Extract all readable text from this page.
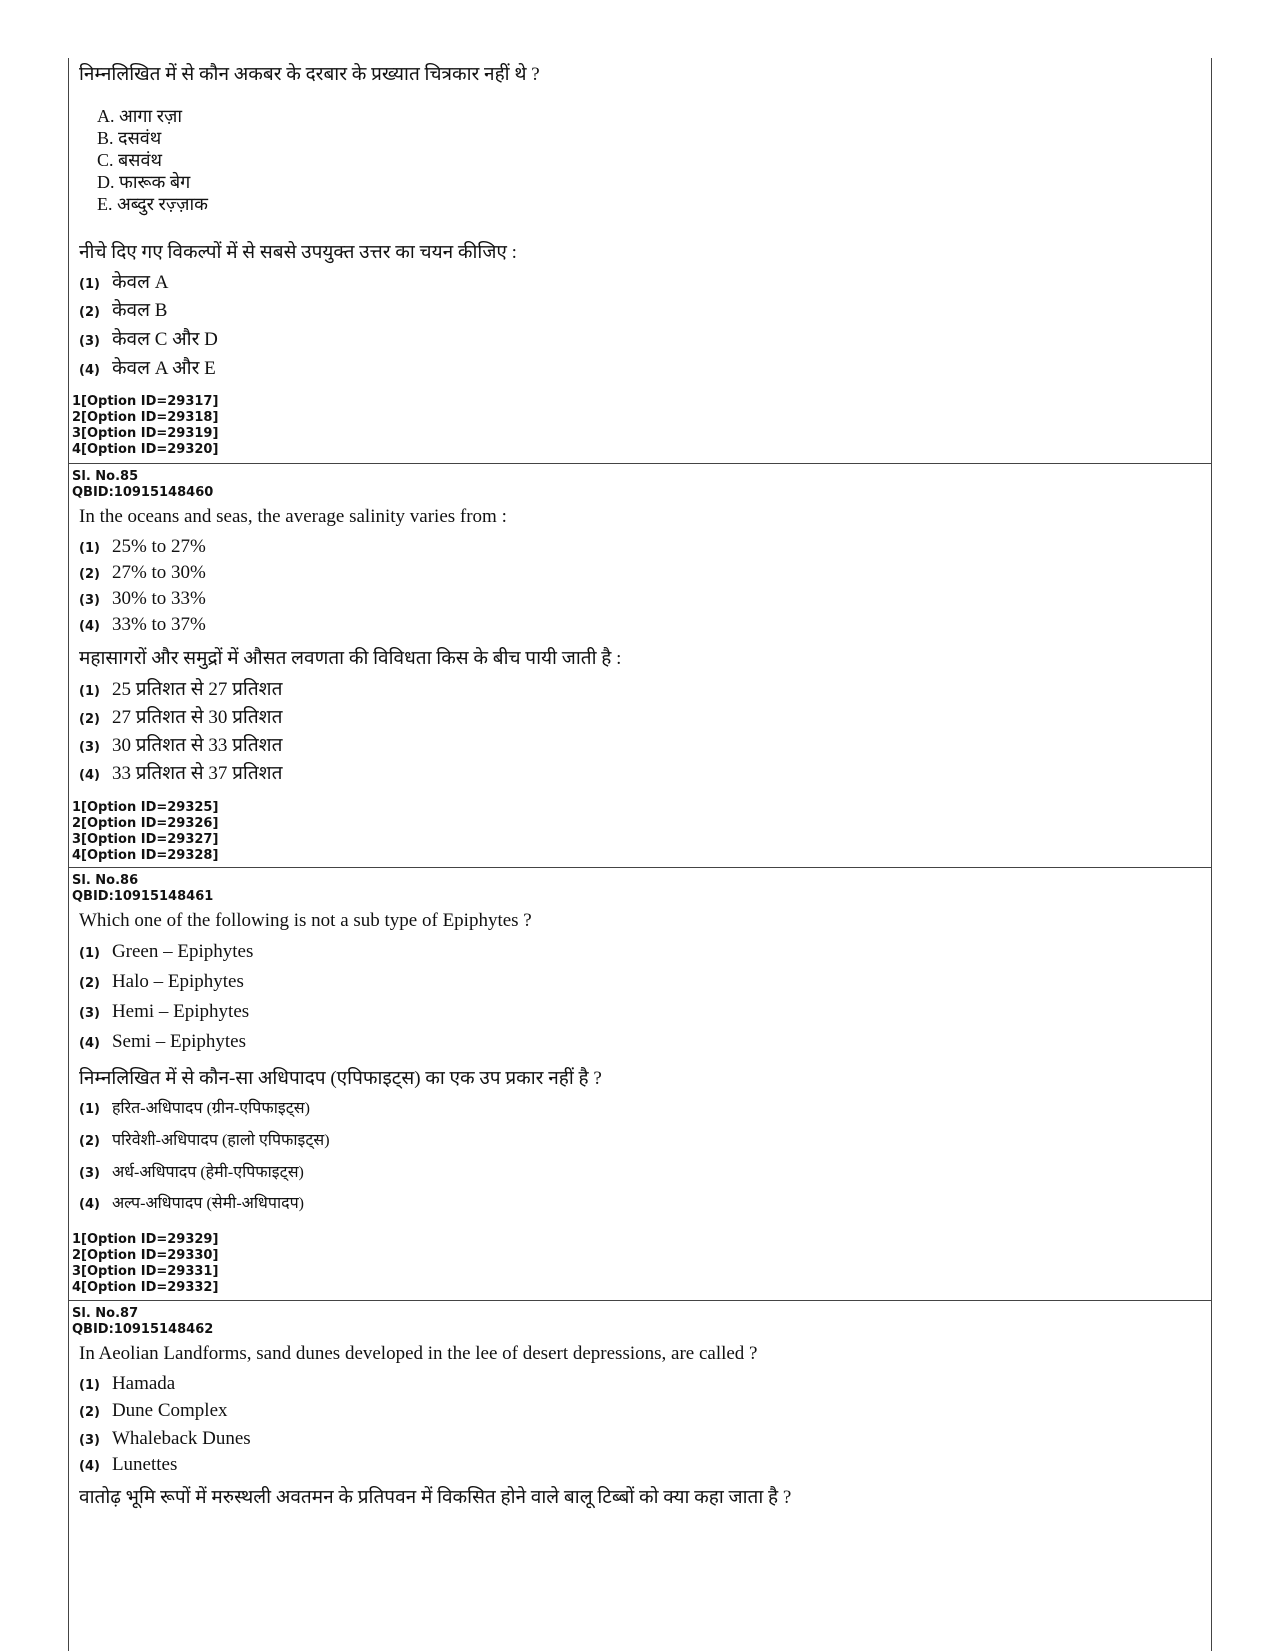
निम्नलिखित में से कौन अकबर के दरबार के प्रख्यात चित्रकार नहीं थे ?
A. आगा रज़ा
B. दसवंथ
C. बसवंथ
D. फारूक बेग
E. अब्दुर रज़्ज़ाक
नीचे दिए गए विकल्पों में से सबसे उपयुक्त उत्तर का चयन कीजिए :
(1) केवल A
(2) केवल B
(3) केवल C और D
(4) केवल A और E
1[Option ID=29317]
2[Option ID=29318]
3[Option ID=29319]
4[Option ID=29320]
Sl. No.85
QBID:10915148460
In the oceans and seas, the average salinity varies from :
(1) 25% to 27%
(2) 27% to 30%
(3) 30% to 33%
(4) 33% to 37%
महासागरों और समुद्रों में औसत लवणता की विविधता किस के बीच पायी जाती है :
(1) 25 प्रतिशत से 27 प्रतिशत
(2) 27 प्रतिशत से 30 प्रतिशत
(3) 30 प्रतिशत से 33 प्रतिशत
(4) 33 प्रतिशत से 37 प्रतिशत
1[Option ID=29325]
2[Option ID=29326]
3[Option ID=29327]
4[Option ID=29328]
Sl. No.86
QBID:10915148461
Which one of the following is not a sub type of Epiphytes ?
(1) Green – Epiphytes
(2) Halo – Epiphytes
(3) Hemi – Epiphytes
(4) Semi – Epiphytes
निम्नलिखित में से कौन-सा अधिपादप (एपिफाइट्स) का एक उप प्रकार नहीं है ?
(1) हरित-अधिपादप (ग्रीन-एपिफाइट्स)
(2) परिवेशी-अधिपादप (हालो एपिफाइट्स)
(3) अर्ध-अधिपादप (हेमी-एपिफाइट्स)
(4) अल्प-अधिपादप (सेमी-अधिपादप)
1[Option ID=29329]
2[Option ID=29330]
3[Option ID=29331]
4[Option ID=29332]
Sl. No.87
QBID:10915148462
In Aeolian Landforms, sand dunes developed in the lee of desert depressions, are called ?
(1) Hamada
(2) Dune Complex
(3) Whaleback Dunes
(4) Lunettes
वातोढ़ भूमि रूपों में मरुस्थली अवतमन के प्रतिपवन में विकसित होने वाले बालू टिब्बों को क्या कहा जाता है ?
